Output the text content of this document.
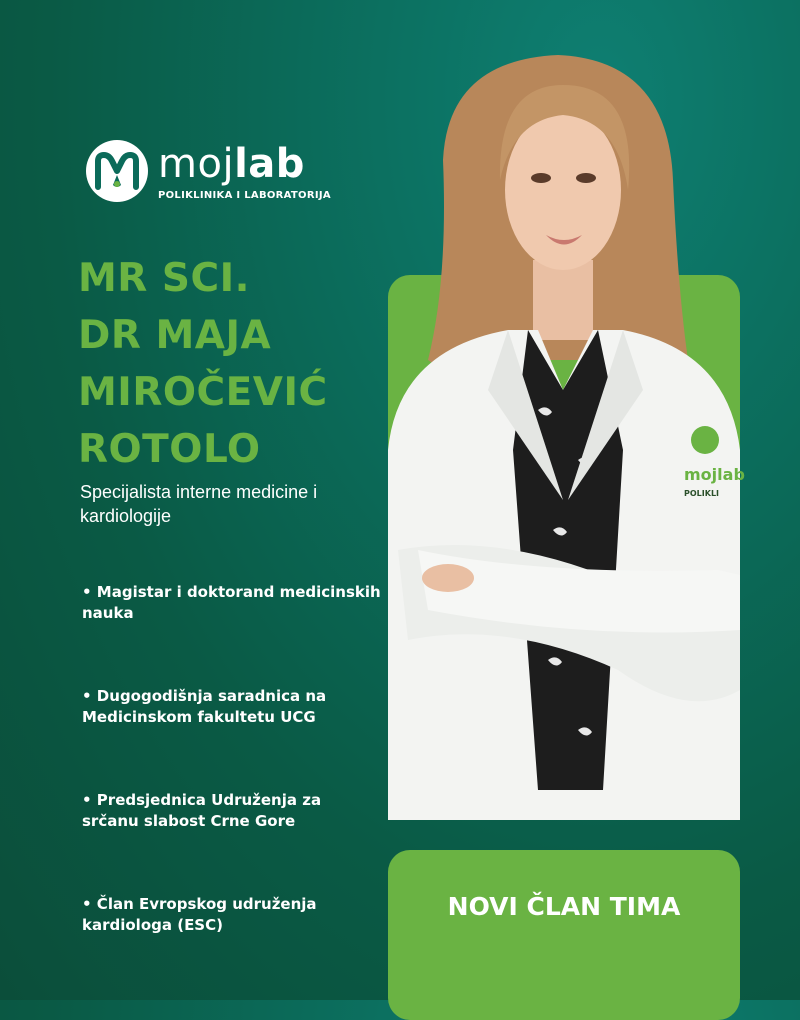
mojlab
POLIKLINIKA I LABORATORIJA
MR SCI.
DR MAJA
MIROČEVIĆ
ROTOLO
Specijalista interne medicine i kardiologije
• Magistar i doktorand medicinskih nauka
• Dugogodišnja saradnica na Medicinskom fakultetu UCG
• Predsjednica Udruženja za srčanu slabost Crne Gore
• Član Evropskog udruženja kardiologa (ESC)
mojlab
POLIKLI
NOVI ČLAN TIMA
